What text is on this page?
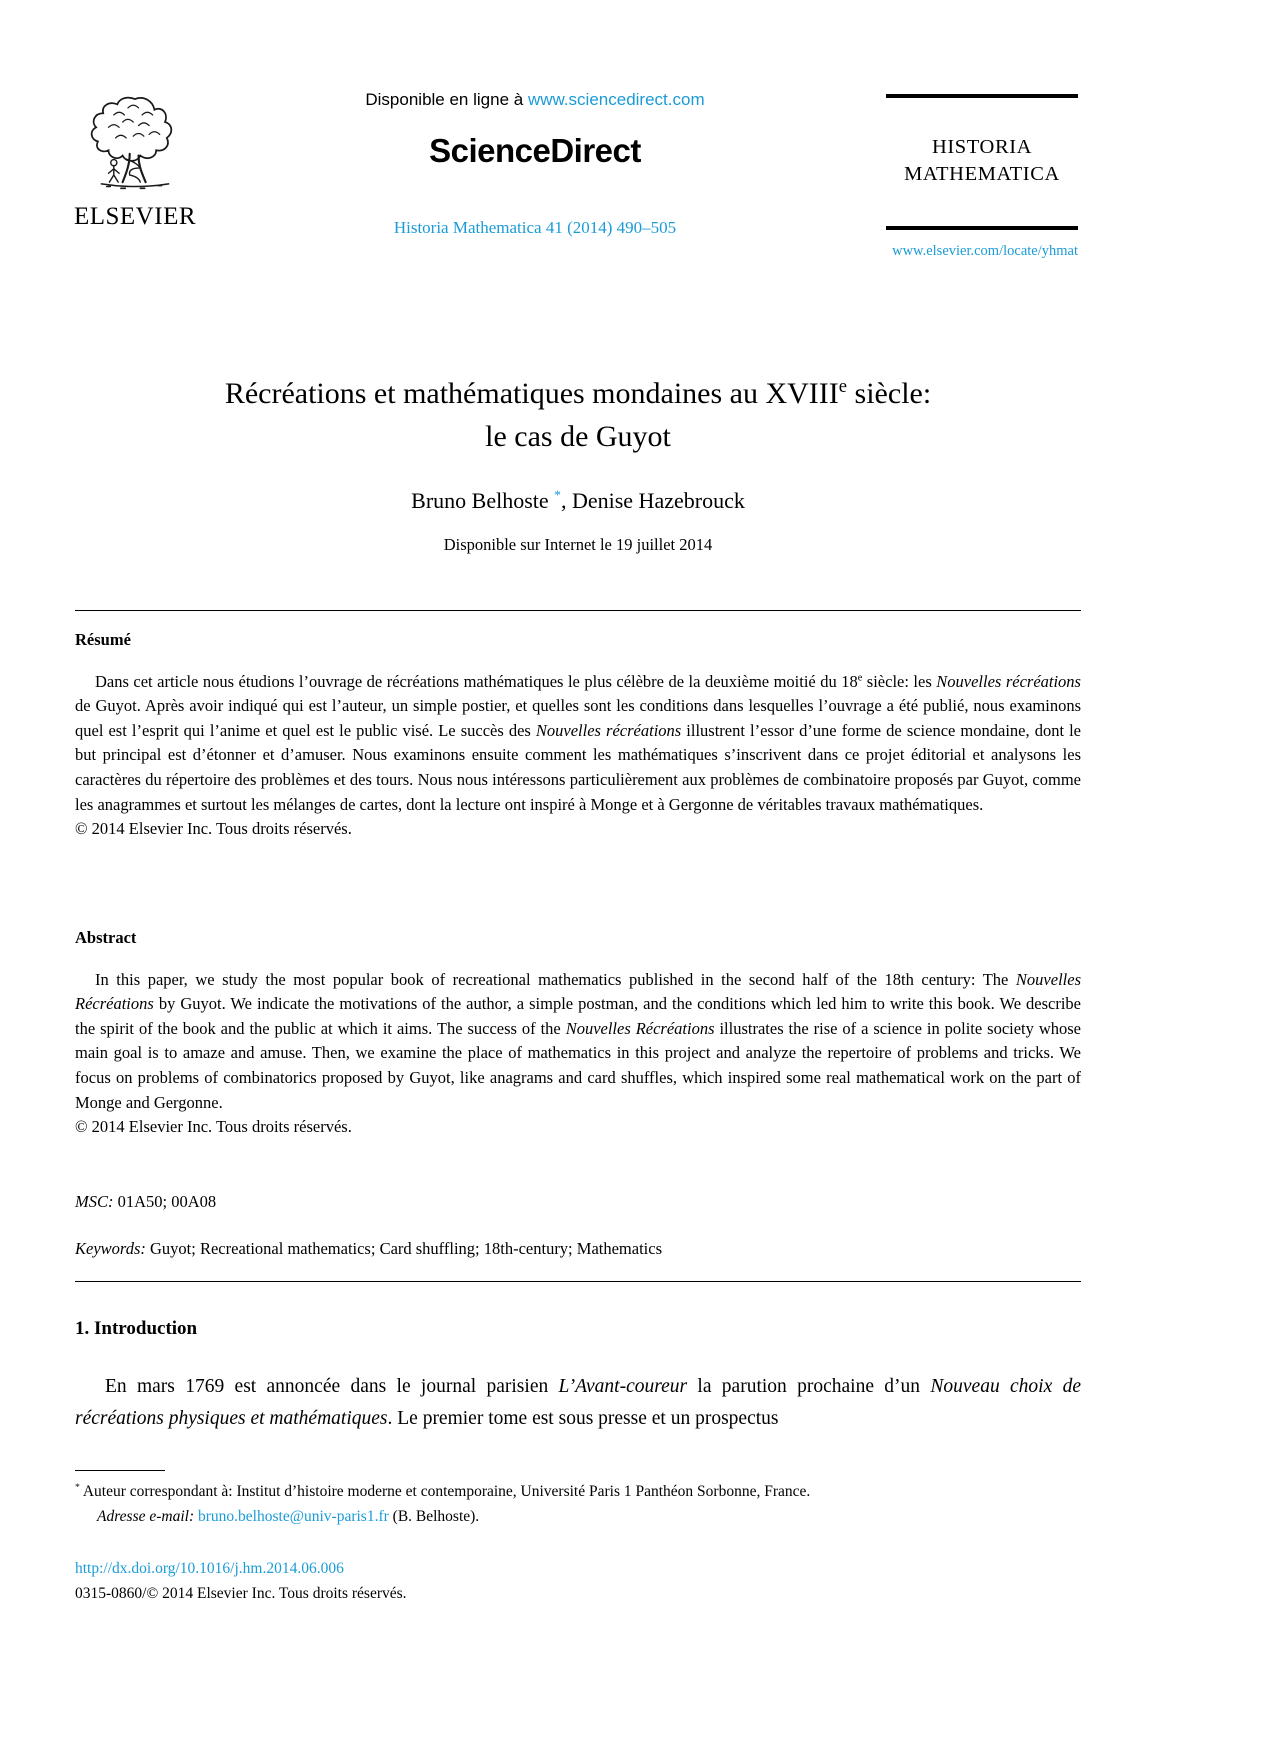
ELSEVIER
Disponible en ligne à www.sciencedirect.com
ScienceDirect
Historia Mathematica 41 (2014) 490–505
HISTORIA
MATHEMATICA
www.elsevier.com/locate/yhmat
Récréations et mathématiques mondaines au XVIIIe siècle:
le cas de Guyot
Bruno Belhoste *, Denise Hazebrouck
Disponible sur Internet le 19 juillet 2014
Résumé

Dans cet article nous étudions l’ouvrage de récréations mathématiques le plus célèbre de la deuxième moitié du 18e siècle: les Nouvelles récréations de Guyot. Après avoir indiqué qui est l’auteur, un simple postier, et quelles sont les conditions dans lesquelles l’ouvrage a été publié, nous examinons quel est l’esprit qui l’anime et quel est le public visé. Le succès des Nouvelles récréations illustrent l’essor d’une forme de science mondaine, dont le but principal est d’étonner et d’amuser. Nous examinons ensuite comment les mathématiques s’inscrivent dans ce projet éditorial et analysons les caractères du répertoire des problèmes et des tours. Nous nous intéressons particulièrement aux problèmes de combinatoire proposés par Guyot, comme les anagrammes et surtout les mélanges de cartes, dont la lecture ont inspiré à Monge et à Gergonne de véritables travaux mathématiques.

© 2014 Elsevier Inc. Tous droits réservés.

Abstract

In this paper, we study the most popular book of recreational mathematics published in the second half of the 18th century: The Nouvelles Récréations by Guyot. We indicate the motivations of the author, a simple postman, and the conditions which led him to write this book. We describe the spirit of the book and the public at which it aims. The success of the Nouvelles Récréations illustrates the rise of a science in polite society whose main goal is to amaze and amuse. Then, we examine the place of mathematics in this project and analyze the repertoire of problems and tricks. We focus on problems of combinatorics proposed by Guyot, like anagrams and card shuffles, which inspired some real mathematical work on the part of Monge and Gergonne.

© 2014 Elsevier Inc. Tous droits réservés.

MSC: 01A50; 00A08
Keywords: Guyot; Recreational mathematics; Card shuffling; 18th-century; Mathematics
1. Introduction
En mars 1769 est annoncée dans le journal parisien L’Avant-coureur la parution prochaine d’un Nouveau choix de récréations physiques et mathématiques. Le premier tome est sous presse et un prospectus
* Auteur correspondant à: Institut d’histoire moderne et contemporaine, Université Paris 1 Panthéon Sorbonne, France.
Adresse e-mail: bruno.belhoste@univ-paris1.fr (B. Belhoste).
http://dx.doi.org/10.1016/j.hm.2014.06.006
0315-0860/© 2014 Elsevier Inc. Tous droits réservés.
